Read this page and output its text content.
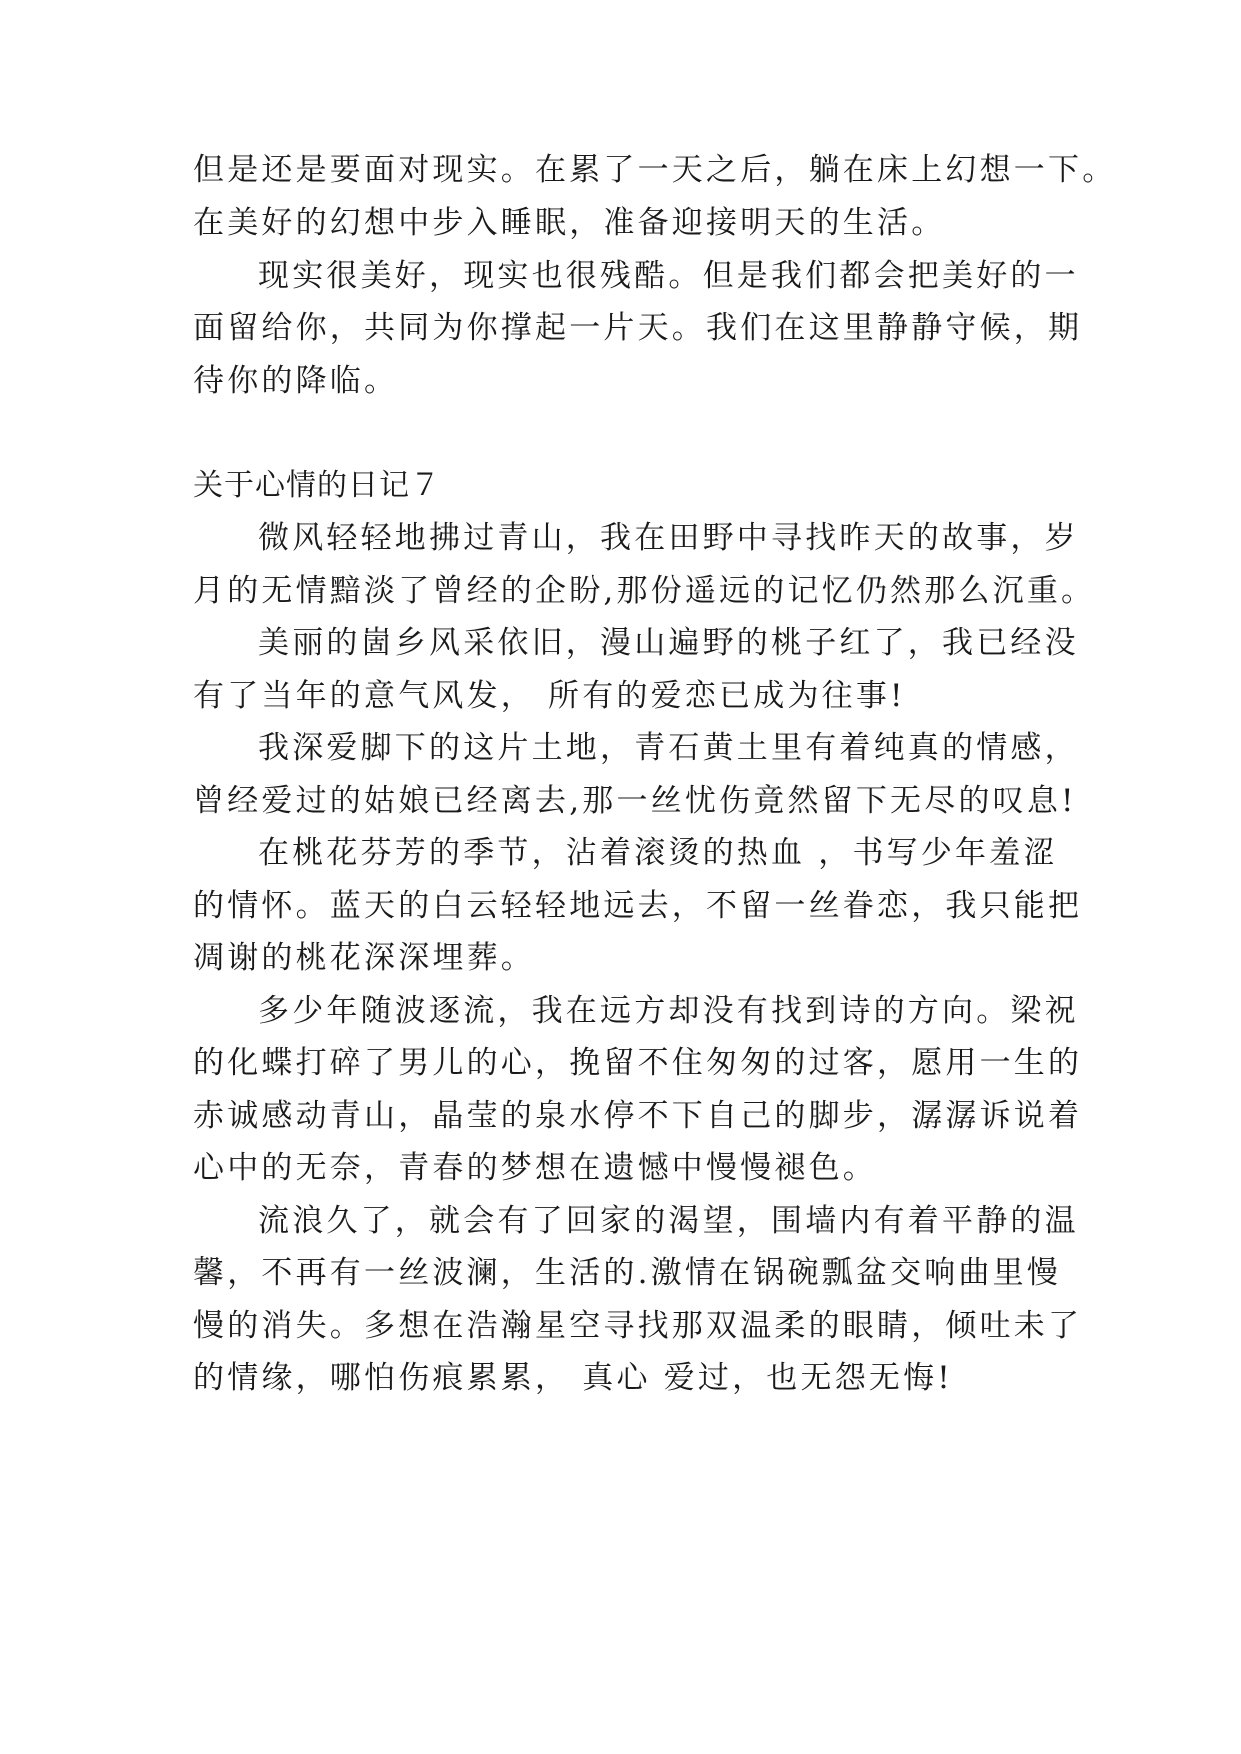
但是还是要面对现实。在累了一天之后，躺在床上幻想一下。
在美好的幻想中步入睡眠，准备迎接明天的生活。
现实很美好，现实也很残酷。但是我们都会把美好的一
面留给你，共同为你撑起一片天。我们在这里静静守候，期
待你的降临。
关于心情的日记７
微风轻轻地拂过青山，我在田野中寻找昨天的故事，岁
月的无情黯淡了曾经的企盼,那份遥远的记忆仍然那么沉重。
美丽的崮乡风采依旧，漫山遍野的桃子红了，我已经没
有了当年的意气风发， 所有的爱恋已成为往事!
我深爱脚下的这片土地，青石黄土里有着纯真的情感，
曾经爱过的姑娘已经离去,那一丝忧伤竟然留下无尽的叹息!
在桃花芬芳的季节，沾着滚烫的热血 ，书写少年羞涩
的情怀。蓝天的白云轻轻地远去，不留一丝眷恋，我只能把
凋谢的桃花深深埋葬。
多少年随波逐流，我在远方却没有找到诗的方向。梁祝
的化蝶打碎了男儿的心，挽留不住匆匆的过客，愿用一生的
赤诚感动青山，晶莹的泉水停不下自己的脚步，潺潺诉说着
心中的无奈，青春的梦想在遗憾中慢慢褪色。
流浪久了，就会有了回家的渴望，围墙内有着平静的温
馨，不再有一丝波澜，生活的.激情在锅碗瓢盆交响曲里慢
慢的消失。多想在浩瀚星空寻找那双温柔的眼睛，倾吐未了
的情缘，哪怕伤痕累累， 真心 爱过，也无怨无悔!
